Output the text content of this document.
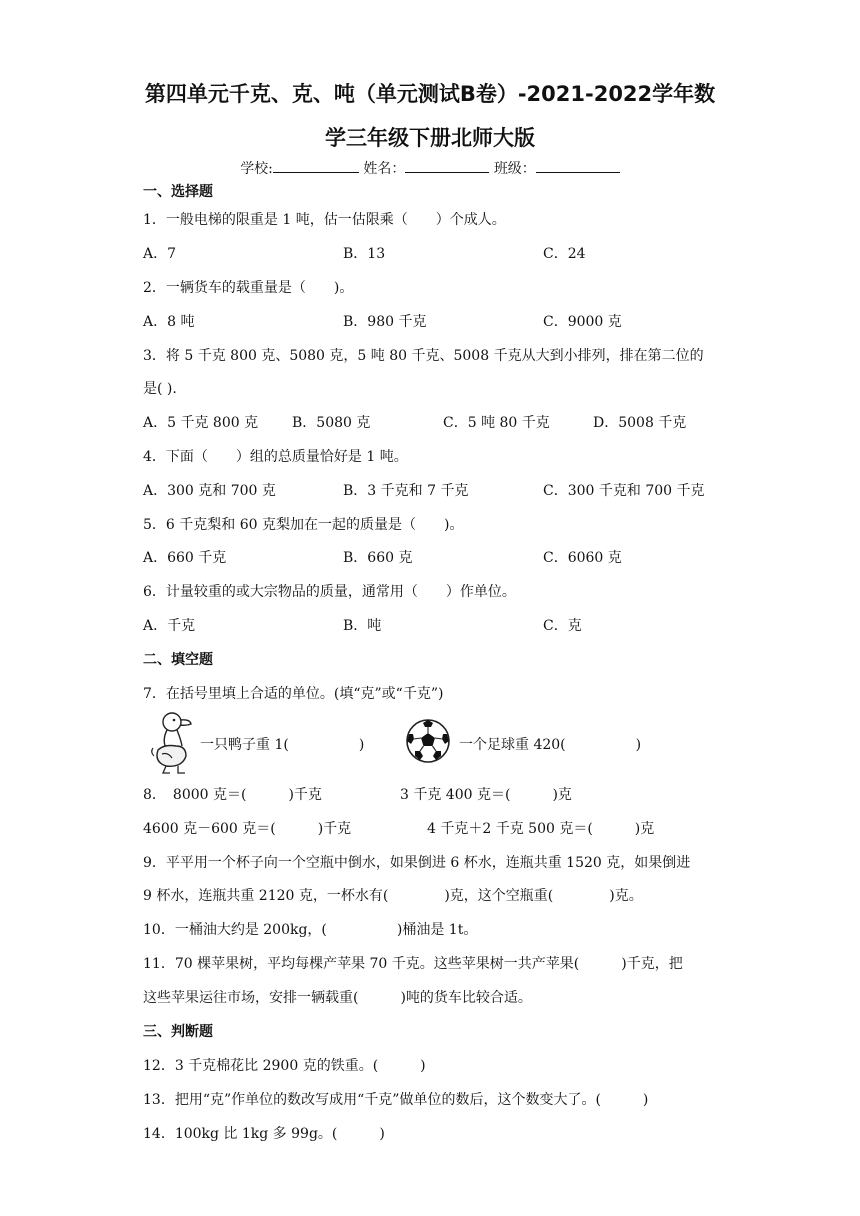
第四单元千克、克、吨（单元测试B卷）-2021-2022学年数
学三年级下册北师大版
学校:	姓名：	班级：
一、选择题
1．一般电梯的限重是 1 吨，估一估限乘（　　）个成人。
A．7	B．13	C．24
2．一辆货车的载重量是（　　)。
A．8 吨	B．980 千克	C．9000 克
3．将 5 千克 800 克、5080 克，5 吨 80 千克、5008 千克从大到小排列，排在第二位的
是( ).
A．5 千克 800 克 B．5080 克	C．5 吨 80 千克	D．5008 千克
4．下面（　　）组的总质量恰好是 1 吨。
A．300 克和 700 克	B．3 千克和 7 千克	C．300 千克和 700 千克
5．6 千克梨和 60 克梨加在一起的质量是（　　)。
A．660 千克	B．660 克	C．6060 克
6．计量较重的或大宗物品的质量，通常用（　　）作单位。
A．千克	B．吨	C．克
二、填空题
7．在括号里填上合适的单位。(填“克”或“千克”)
一只鸭子重 1(　　　　　)	一个足球重 420(　　　　　)
8．　8000 克＝(　　　)千克	3 千克 400 克＝(　　　)克
4600 克－600 克＝(　　　)千克	4 千克＋2 千克 500 克＝(　　　)克
9．平平用一个杯子向一个空瓶中倒水，如果倒进 6 杯水，连瓶共重 1520 克，如果倒进
9 杯水，连瓶共重 2120 克，一杯水有(　　　　)克，这个空瓶重(　　　　)克。
10．一桶油大约是 200kg，(　　　　　)桶油是 1t。
11．70 棵苹果树，平均每棵产苹果 70 千克。这些苹果树一共产苹果(　　　)千克，把
这些苹果运往市场，安排一辆载重(　　　)吨的货车比较合适。
三、判断题
12．3 千克棉花比 2900 克的铁重。(　　　)
13．把用“克”作单位的数改写成用“千克”做单位的数后，这个数变大了。(　　　)
14．100kg 比 1kg 多 99g。(　　　)
